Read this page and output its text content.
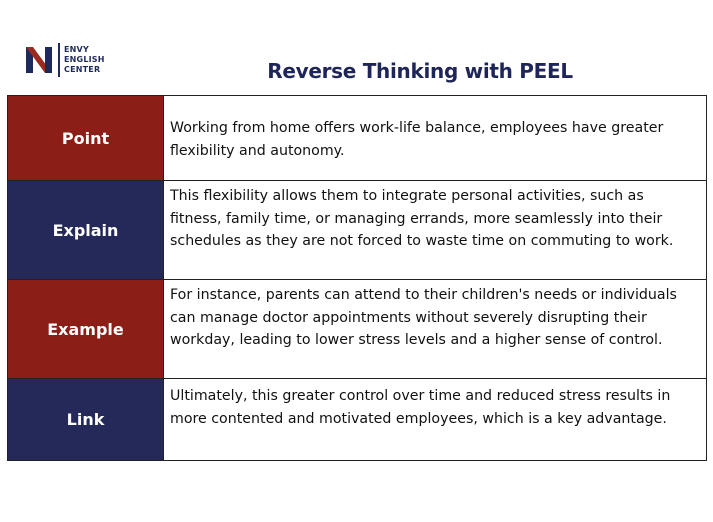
ENVY
ENGLISH
CENTER	Reverse Thinking with PEEL
Point
Working from home offers work-life balance, employees have greater flexibility and autonomy.
Explain
This flexibility allows them to integrate personal activities, such as fitness, family time, or managing errands, more seamlessly into their schedules as they are not forced to waste time on commuting to work.
Example
For instance, parents can attend to their children's needs or individuals can manage doctor appointments without severely disrupting their workday, leading to lower stress levels and a higher sense of control.
Link
Ultimately, this greater control over time and reduced stress results in more contented and motivated employees, which is a key advantage.
